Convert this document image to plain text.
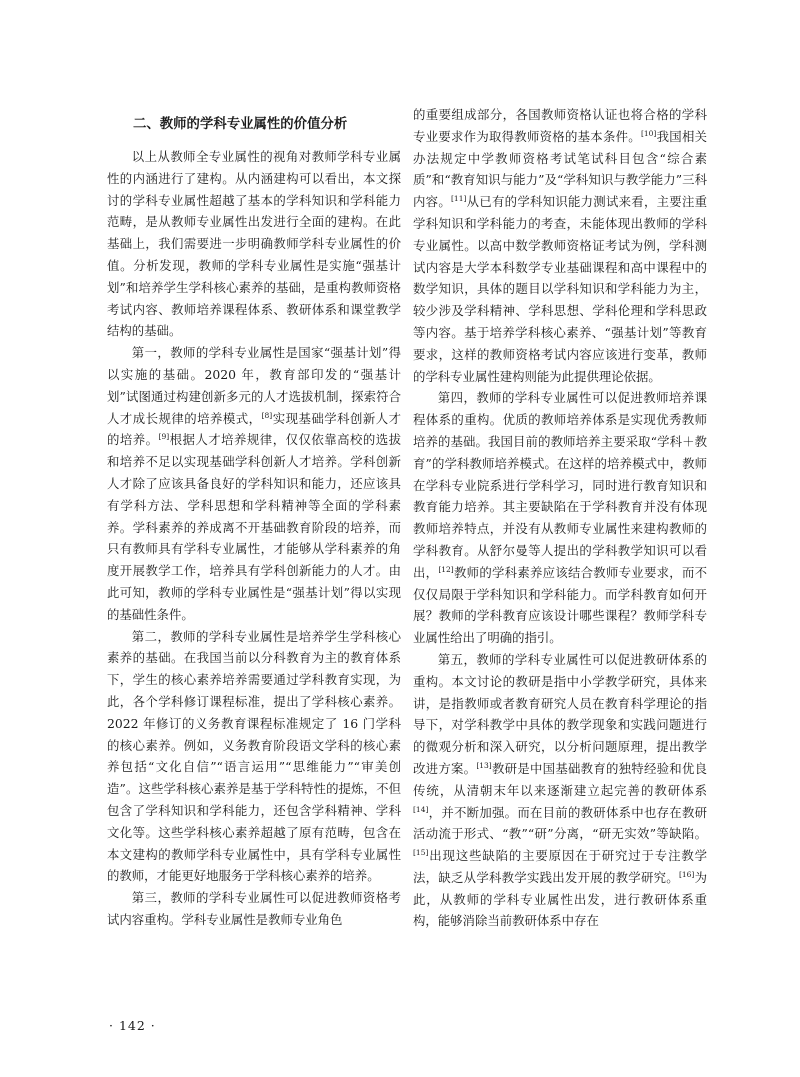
二、教师的学科专业属性的价值分析

以上从教师全专业属性的视角对教师学科专业属性的内涵进行了建构。从内涵建构可以看出，本文探讨的学科专业属性超越了基本的学科知识和学科能力范畴，是从教师专业属性出发进行全面的建构。在此基础上，我们需要进一步明确教师学科专业属性的价值。分析发现，教师的学科专业属性是实施“强基计划”和培养学生学科核心素养的基础，是重构教师资格考试内容、教师培养课程体系、教研体系和课堂教学结构的基础。

第一，教师的学科专业属性是国家“强基计划”得以实施的基础。2020 年，教育部印发的“强基计划”试图通过构建创新多元的人才选拔机制，探索符合人才成长规律的培养模式，[8]实现基础学科创新人才的培养。[9]根据人才培养规律，仅仅依靠高校的选拔和培养不足以实现基础学科创新人才培养。学科创新人才除了应该具备良好的学科知识和能力，还应该具有学科方法、学科思想和学科精神等全面的学科素养。学科素养的养成离不开基础教育阶段的培养，而只有教师具有学科专业属性，才能够从学科素养的角度开展教学工作，培养具有学科创新能力的人才。由此可知，教师的学科专业属性是“强基计划”得以实现的基础性条件。

第二，教师的学科专业属性是培养学生学科核心素养的基础。在我国当前以分科教育为主的教育体系下，学生的核心素养培养需要通过学科教育实现，为此，各个学科修订课程标准，提出了学科核心素养。2022 年修订的义务教育课程标准规定了 16 门学科的核心素养。例如，义务教育阶段语文学科的核心素养包括“文化自信”“语言运用”“思维能力”“审美创造”。这些学科核心素养是基于学科特性的提炼，不但包含了学科知识和学科能力，还包含学科精神、学科文化等。这些学科核心素养超越了原有范畴，包含在本文建构的教师学科专业属性中，具有学科专业属性的教师，才能更好地服务于学科核心素养的培养。

第三，教师的学科专业属性可以促进教师资格考试内容重构。学科专业属性是教师专业角色

的重要组成部分，各国教师资格认证也将合格的学科专业要求作为取得教师资格的基本条件。[10]我国相关办法规定中学教师资格考试笔试科目包含“综合素质”和“教育知识与能力”及“学科知识与教学能力”三科内容。[11]从已有的学科知识能力测试来看，主要注重学科知识和学科能力的考查，未能体现出教师的学科专业属性。以高中数学教师资格证考试为例，学科测试内容是大学本科数学专业基础课程和高中课程中的数学知识，具体的题目以学科知识和学科能力为主，较少涉及学科精神、学科思想、学科伦理和学科思政等内容。基于培养学科核心素养、“强基计划”等教育要求，这样的教师资格考试内容应该进行变革，教师的学科专业属性建构则能为此提供理论依据。

第四，教师的学科专业属性可以促进教师培养课程体系的重构。优质的教师培养体系是实现优秀教师培养的基础。我国目前的教师培养主要采取“学科＋教育”的学科教师培养模式。在这样的培养模式中，教师在学科专业院系进行学科学习，同时进行教育知识和教育能力培养。其主要缺陷在于学科教育并没有体现教师培养特点，并没有从教师专业属性来建构教师的学科教育。从舒尔曼等人提出的学科教学知识可以看出，[12]教师的学科素养应该结合教师专业要求，而不仅仅局限于学科知识和学科能力。而学科教育如何开展？教师的学科教育应该设计哪些课程？教师学科专业属性给出了明确的指引。

第五，教师的学科专业属性可以促进教研体系的重构。本文讨论的教研是指中小学教学研究，具体来讲，是指教师或者教育研究人员在教育科学理论的指导下，对学科教学中具体的教学现象和实践问题进行的微观分析和深入研究，以分析问题原理，提出教学改进方案。[13]教研是中国基础教育的独特经验和优良传统，从清朝末年以来逐渐建立起完善的教研体系[14]，并不断加强。而在目前的教研体系中也存在教研活动流于形式、“教”“研”分离，“研无实效”等缺陷。[15]出现这些缺陷的主要原因在于研究过于专注教学法，缺乏从学科教学实践出发开展的教学研究。[16]为此，从教师的学科专业属性出发，进行教研体系重构，能够消除当前教研体系中存在

· 142 ·
